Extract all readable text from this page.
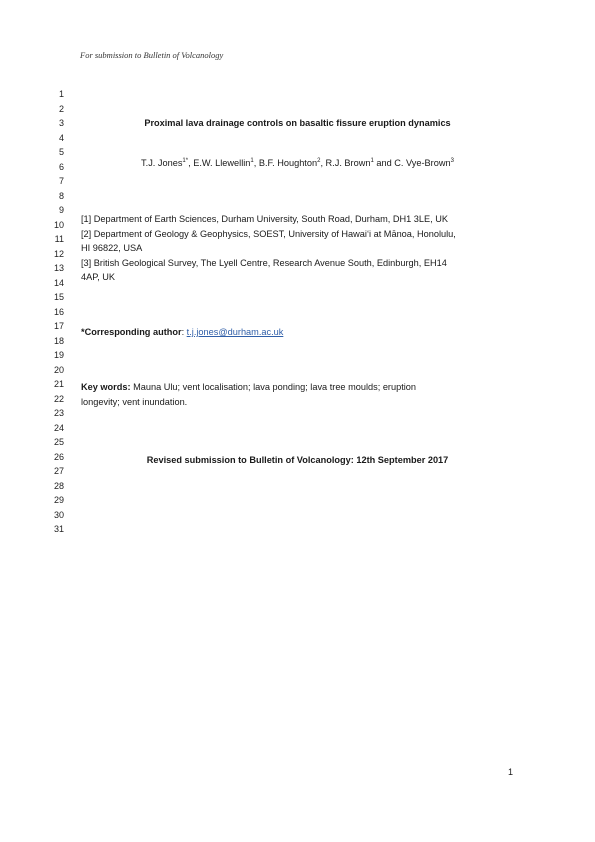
For submission to Bulletin of Volcanology
1
2
3
4
5
6
7
8
9
10
11
12
13
14
15
16
17
18
19
20
21
22
23
24
25
26
27
28
29
30
31
Proximal lava drainage controls on basaltic fissure eruption dynamics
T.J. Jones$^{1*}$, E.W. Llewellin$^1$, B.F. Houghton$^2$, R.J. Brown$^1$ and C. Vye-Brown$^3$
[1] Department of Earth Sciences, Durham University, South Road, Durham, DH1 3LE, UK
[2] Department of Geology & Geophysics, SOEST, University of Hawaiʻi at Mānoa, Honolulu,
HI 96822, USA
[3] British Geological Survey, The Lyell Centre, Research Avenue South, Edinburgh, EH14
4AP, UK
*Corresponding author: t.j.jones@durham.ac.uk
Key words: Mauna Ulu; vent localisation; lava ponding; lava tree moulds; eruption
longevity; vent inundation.
Revised submission to Bulletin of Volcanology: 12th September 2017
1
